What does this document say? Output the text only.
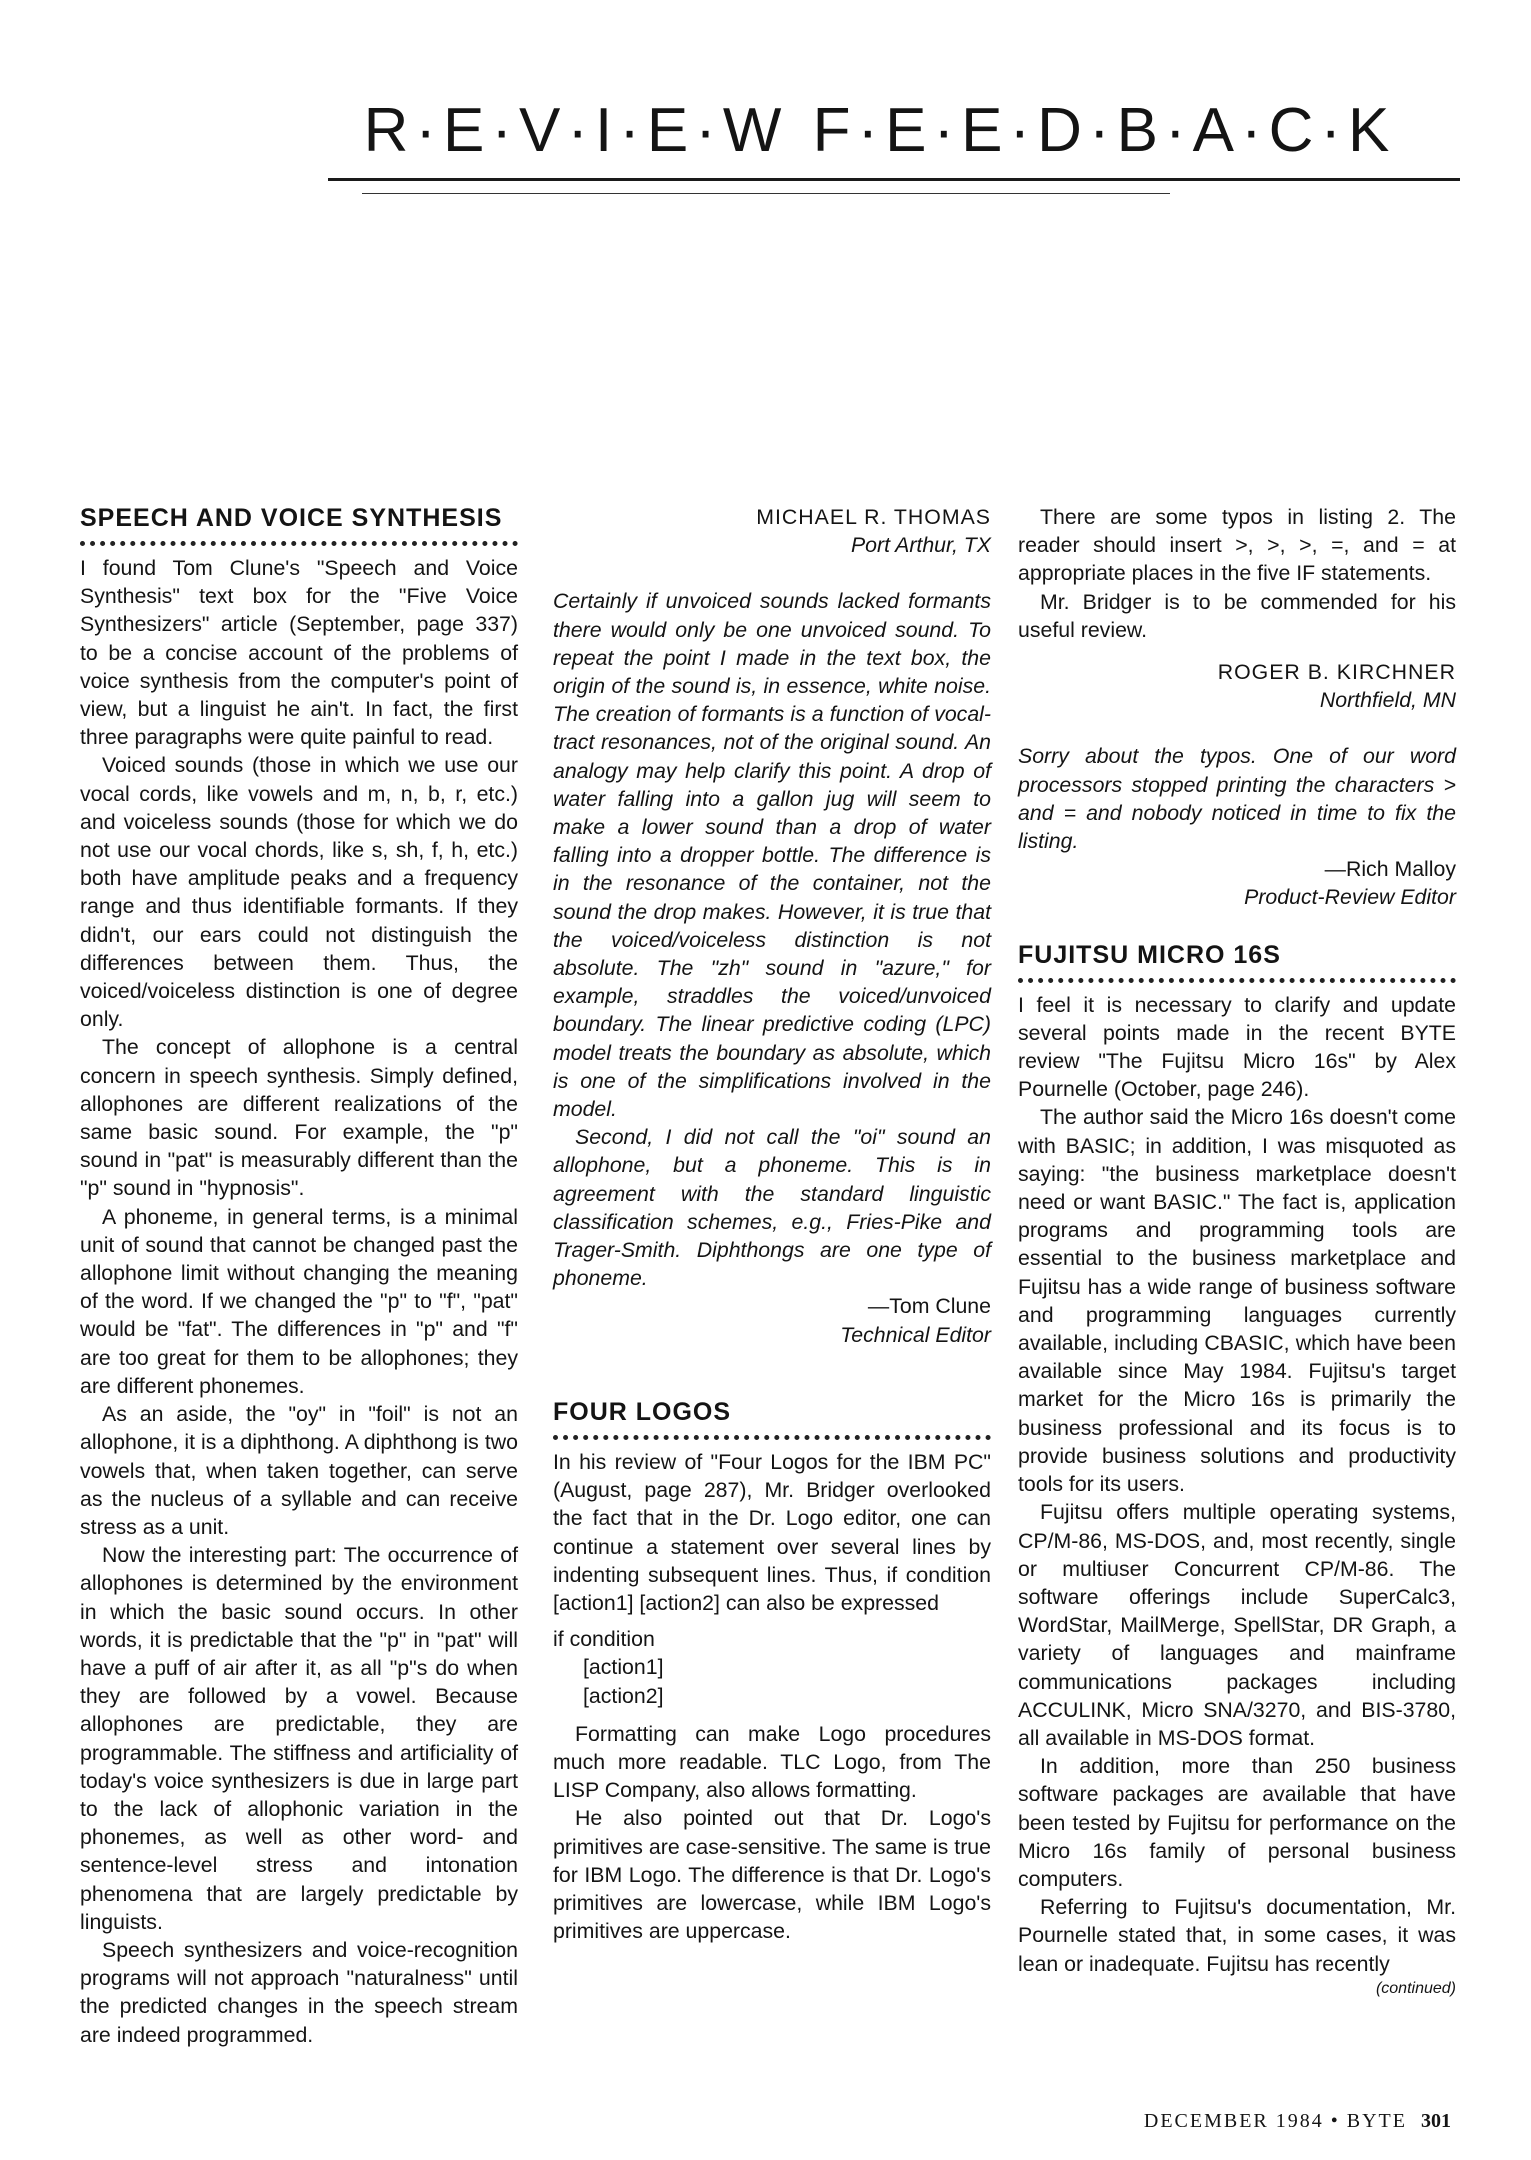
R·E·V·I·E·W F·E·E·D·B·A·C·K
SPEECH AND VOICE SYNTHESIS

I found Tom Clune's "Speech and Voice Synthesis" text box for the "Five Voice Synthesizers" article (September, page 337) to be a concise account of the problems of voice synthesis from the computer's point of view, but a linguist he ain't. In fact, the first three paragraphs were quite painful to read.

Voiced sounds (those in which we use our vocal cords, like vowels and m, n, b, r, etc.) and voiceless sounds (those for which we do not use our vocal chords, like s, sh, f, h, etc.) both have amplitude peaks and a frequency range and thus identifiable formants. If they didn't, our ears could not distinguish the differences between them. Thus, the voiced/voiceless distinction is one of degree only.

The concept of allophone is a central concern in speech synthesis. Simply defined, allophones are different realizations of the same basic sound. For example, the "p" sound in "pat" is measurably different than the "p" sound in "hypnosis".

A phoneme, in general terms, is a minimal unit of sound that cannot be changed past the allophone limit without changing the meaning of the word. If we changed the "p" to "f", "pat" would be "fat". The differences in "p" and "f" are too great for them to be allophones; they are different phonemes.

As an aside, the "oy" in "foil" is not an allophone, it is a diphthong. A diphthong is two vowels that, when taken together, can serve as the nucleus of a syllable and can receive stress as a unit.

Now the interesting part: The occurrence of allophones is determined by the environment in which the basic sound occurs. In other words, it is predictable that the "p" in "pat" will have a puff of air after it, as all "p"s do when they are followed by a vowel. Because allophones are predictable, they are programmable. The stiffness and artificiality of today's voice synthesizers is due in large part to the lack of allophonic variation in the phonemes, as well as other word- and sentence-level stress and intonation phenomena that are largely predictable by linguists.

Speech synthesizers and voice-recognition programs will not approach "naturalness" until the predicted changes in the speech stream are indeed programmed.

MICHAEL R. THOMAS
Port Arthur, TX

Certainly if unvoiced sounds lacked formants there would only be one unvoiced sound. To repeat the point I made in the text box, the origin of the sound is, in essence, white noise. The creation of formants is a function of vocal-tract resonances, not of the original sound. An analogy may help clarify this point. A drop of water falling into a gallon jug will seem to make a lower sound than a drop of water falling into a dropper bottle. The difference is in the resonance of the container, not the sound the drop makes. However, it is true that the voiced/voiceless distinction is not absolute. The "zh" sound in "azure," for example, straddles the voiced/unvoiced boundary. The linear predictive coding (LPC) model treats the boundary as absolute, which is one of the simplifications involved in the model.

Second, I did not call the "oi" sound an allophone, but a phoneme. This is in agreement with the standard linguistic classification schemes, e.g., Fries-Pike and Trager-Smith. Diphthongs are one type of phoneme.

—Tom Clune
Technical Editor
FOUR LOGOS

In his review of "Four Logos for the IBM PC" (August, page 287), Mr. Bridger overlooked the fact that in the Dr. Logo editor, one can continue a statement over several lines by indenting subsequent lines. Thus, if condition [action1] [action2] can also be expressed

if condition
[action1]
[action2]

Formatting can make Logo procedures much more readable. TLC Logo, from The LISP Company, also allows formatting.

He also pointed out that Dr. Logo's primitives are case-sensitive. The same is true for IBM Logo. The difference is that Dr. Logo's primitives are lowercase, while IBM Logo's primitives are uppercase.

There are some typos in listing 2. The reader should insert >, >, >, =, and = at appropriate places in the five IF statements.

Mr. Bridger is to be commended for his useful review.

ROGER B. KIRCHNER
Northfield, MN

Sorry about the typos. One of our word processors stopped printing the characters > and = and nobody noticed in time to fix the listing.

—Rich Malloy
Product-Review Editor
FUJITSU MICRO 16S

I feel it is necessary to clarify and update several points made in the recent BYTE review "The Fujitsu Micro 16s" by Alex Pournelle (October, page 246).

The author said the Micro 16s doesn't come with BASIC; in addition, I was misquoted as saying: "the business marketplace doesn't need or want BASIC." The fact is, application programs and programming tools are essential to the business marketplace and Fujitsu has a wide range of business software and programming languages currently available, including CBASIC, which have been available since May 1984. Fujitsu's target market for the Micro 16s is primarily the business professional and its focus is to provide business solutions and productivity tools for its users.

Fujitsu offers multiple operating systems, CP/M-86, MS-DOS, and, most recently, single or multiuser Concurrent CP/M-86. The software offerings include SuperCalc3, WordStar, MailMerge, SpellStar, DR Graph, a variety of languages and mainframe communications packages including ACCULINK, Micro SNA/3270, and BIS-3780, all available in MS-DOS format.

In addition, more than 250 business software packages are available that have been tested by Fujitsu for performance on the Micro 16s family of personal business computers.

Referring to Fujitsu's documentation, Mr. Pournelle stated that, in some cases, it was lean or inadequate. Fujitsu has recently

(continued)
DECEMBER 1984 • BYTE 301
